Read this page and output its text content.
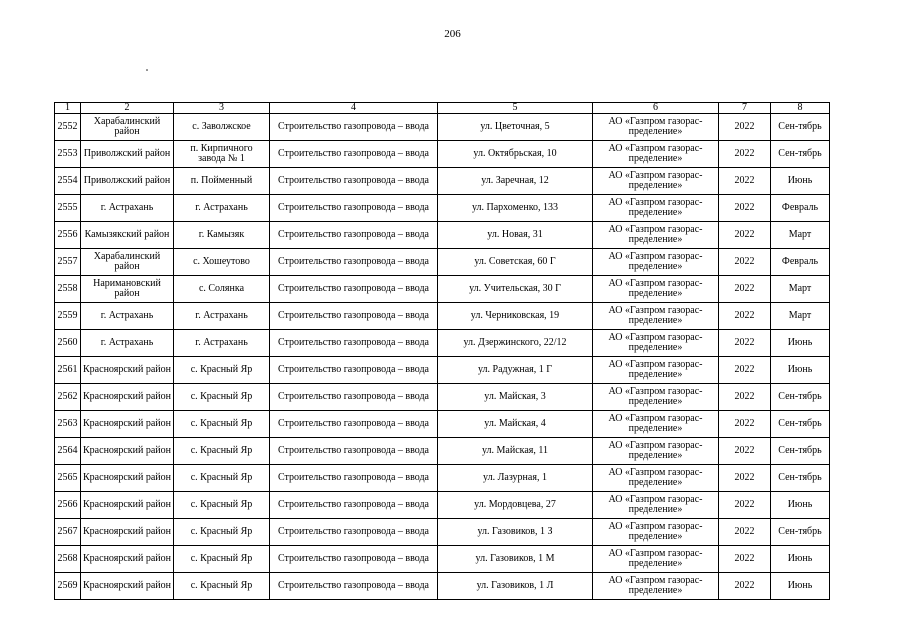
206
1	2	3	4	5	6	7	8
2552	Харабалинский район	с. Заволжское	Строительство газопровода – ввода	ул. Цветочная, 5	АО «Газпром газорас-пределение»	2022	Сен-тябрь
2553	Приволжский район	п. Кирпичного завода № 1	Строительство газопровода – ввода	ул. Октябрьская, 10	АО «Газпром газорас-пределение»	2022	Сен-тябрь
2554	Приволжский район	п. Пойменный	Строительство газопровода – ввода	ул. Заречная, 12	АО «Газпром газорас-пределение»	2022	Июнь
2555	г. Астрахань	г. Астрахань	Строительство газопровода – ввода	ул. Пархоменко, 133	АО «Газпром газорас-пределение»	2022	Февраль
2556	Камызякский район	г. Камызяк	Строительство газопровода – ввода	ул. Новая, 31	АО «Газпром газорас-пределение»	2022	Март
2557	Харабалинский район	с. Хошеутово	Строительство газопровода – ввода	ул. Советская, 60 Г	АО «Газпром газорас-пределение»	2022	Февраль
2558	Наримановский район	с. Солянка	Строительство газопровода – ввода	ул. Учительская, 30 Г	АО «Газпром газорас-пределение»	2022	Март
2559	г. Астрахань	г. Астрахань	Строительство газопровода – ввода	ул. Черниковская, 19	АО «Газпром газорас-пределение»	2022	Март
2560	г. Астрахань	г. Астрахань	Строительство газопровода – ввода	ул. Дзержинского, 22/12	АО «Газпром газорас-пределение»	2022	Июнь
2561	Красноярский район	с. Красный Яр	Строительство газопровода – ввода	ул. Радужная, 1 Г	АО «Газпром газорас-пределение»	2022	Июнь
2562	Красноярский район	с. Красный Яр	Строительство газопровода – ввода	ул. Майская, 3	АО «Газпром газорас-пределение»	2022	Сен-тябрь
2563	Красноярский район	с. Красный Яр	Строительство газопровода – ввода	ул. Майская, 4	АО «Газпром газорас-пределение»	2022	Сен-тябрь
2564	Красноярский район	с. Красный Яр	Строительство газопровода – ввода	ул. Майская, 11	АО «Газпром газорас-пределение»	2022	Сен-тябрь
2565	Красноярский район	с. Красный Яр	Строительство газопровода – ввода	ул. Лазурная, 1	АО «Газпром газорас-пределение»	2022	Сен-тябрь
2566	Красноярский район	с. Красный Яр	Строительство газопровода – ввода	ул. Мордовцева, 27	АО «Газпром газорас-пределение»	2022	Июнь
2567	Красноярский район	с. Красный Яр	Строительство газопровода – ввода	ул. Газовиков, 1 З	АО «Газпром газорас-пределение»	2022	Сен-тябрь
2568	Красноярский район	с. Красный Яр	Строительство газопровода – ввода	ул. Газовиков, 1 М	АО «Газпром газорас-пределение»	2022	Июнь
2569	Красноярский район	с. Красный Яр	Строительство газопровода – ввода	ул. Газовиков, 1 Л	АО «Газпром газорас-пределение»	2022	Июнь
